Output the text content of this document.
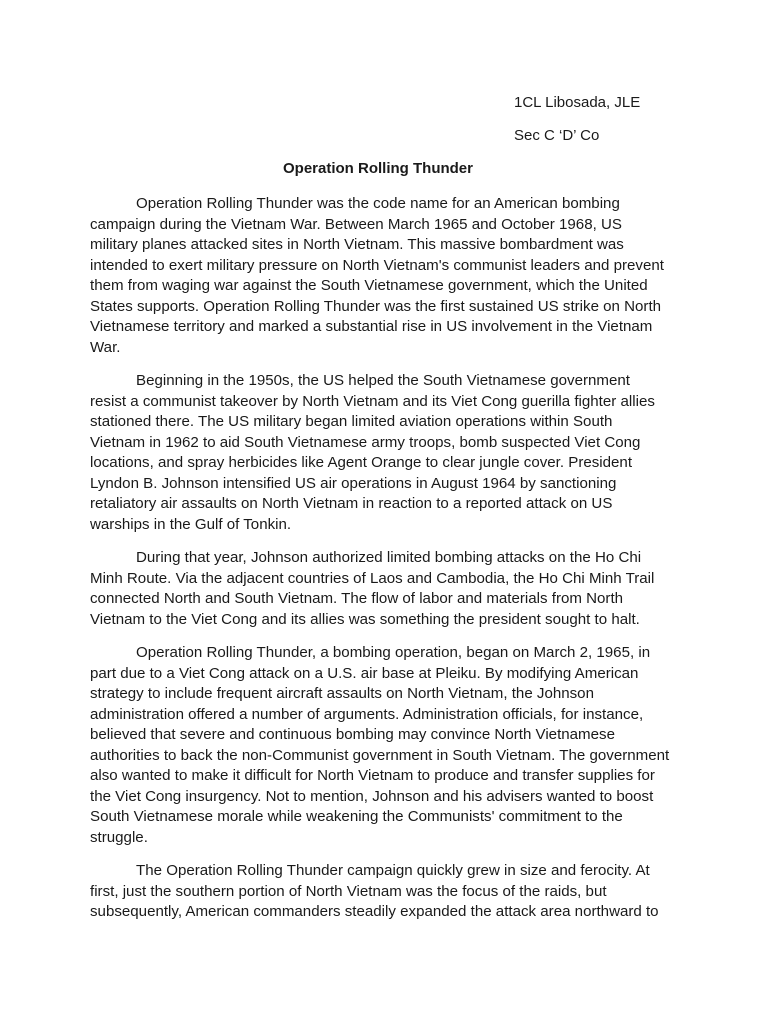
1CL Libosada, JLE
Sec C ‘D’ Co
Operation Rolling Thunder

Operation Rolling Thunder was the code name for an American bombing campaign during the Vietnam War. Between March 1965 and October 1968, US military planes attacked sites in North Vietnam. This massive bombardment was intended to exert military pressure on North Vietnam's communist leaders and prevent them from waging war against the South Vietnamese government, which the United States supports. Operation Rolling Thunder was the first sustained US strike on North Vietnamese territory and marked a substantial rise in US involvement in the Vietnam War.

Beginning in the 1950s, the US helped the South Vietnamese government resist a communist takeover by North Vietnam and its Viet Cong guerilla fighter allies stationed there. The US military began limited aviation operations within South Vietnam in 1962 to aid South Vietnamese army troops, bomb suspected Viet Cong locations, and spray herbicides like Agent Orange to clear jungle cover. President Lyndon B. Johnson intensified US air operations in August 1964 by sanctioning retaliatory air assaults on North Vietnam in reaction to a reported attack on US warships in the Gulf of Tonkin.

During that year, Johnson authorized limited bombing attacks on the Ho Chi Minh Route. Via the adjacent countries of Laos and Cambodia, the Ho Chi Minh Trail connected North and South Vietnam. The flow of labor and materials from North Vietnam to the Viet Cong and its allies was something the president sought to halt.

Operation Rolling Thunder, a bombing operation, began on March 2, 1965, in part due to a Viet Cong attack on a U.S. air base at Pleiku. By modifying American strategy to include frequent aircraft assaults on North Vietnam, the Johnson administration offered a number of arguments. Administration officials, for instance, believed that severe and continuous bombing may convince North Vietnamese authorities to back the non-Communist government in South Vietnam. The government also wanted to make it difficult for North Vietnam to produce and transfer supplies for the Viet Cong insurgency. Not to mention, Johnson and his advisers wanted to boost South Vietnamese morale while weakening the Communists' commitment to the struggle.

The Operation Rolling Thunder campaign quickly grew in size and ferocity. At first, just the southern portion of North Vietnam was the focus of the raids, but subsequently, American commanders steadily expanded the attack area northward to
